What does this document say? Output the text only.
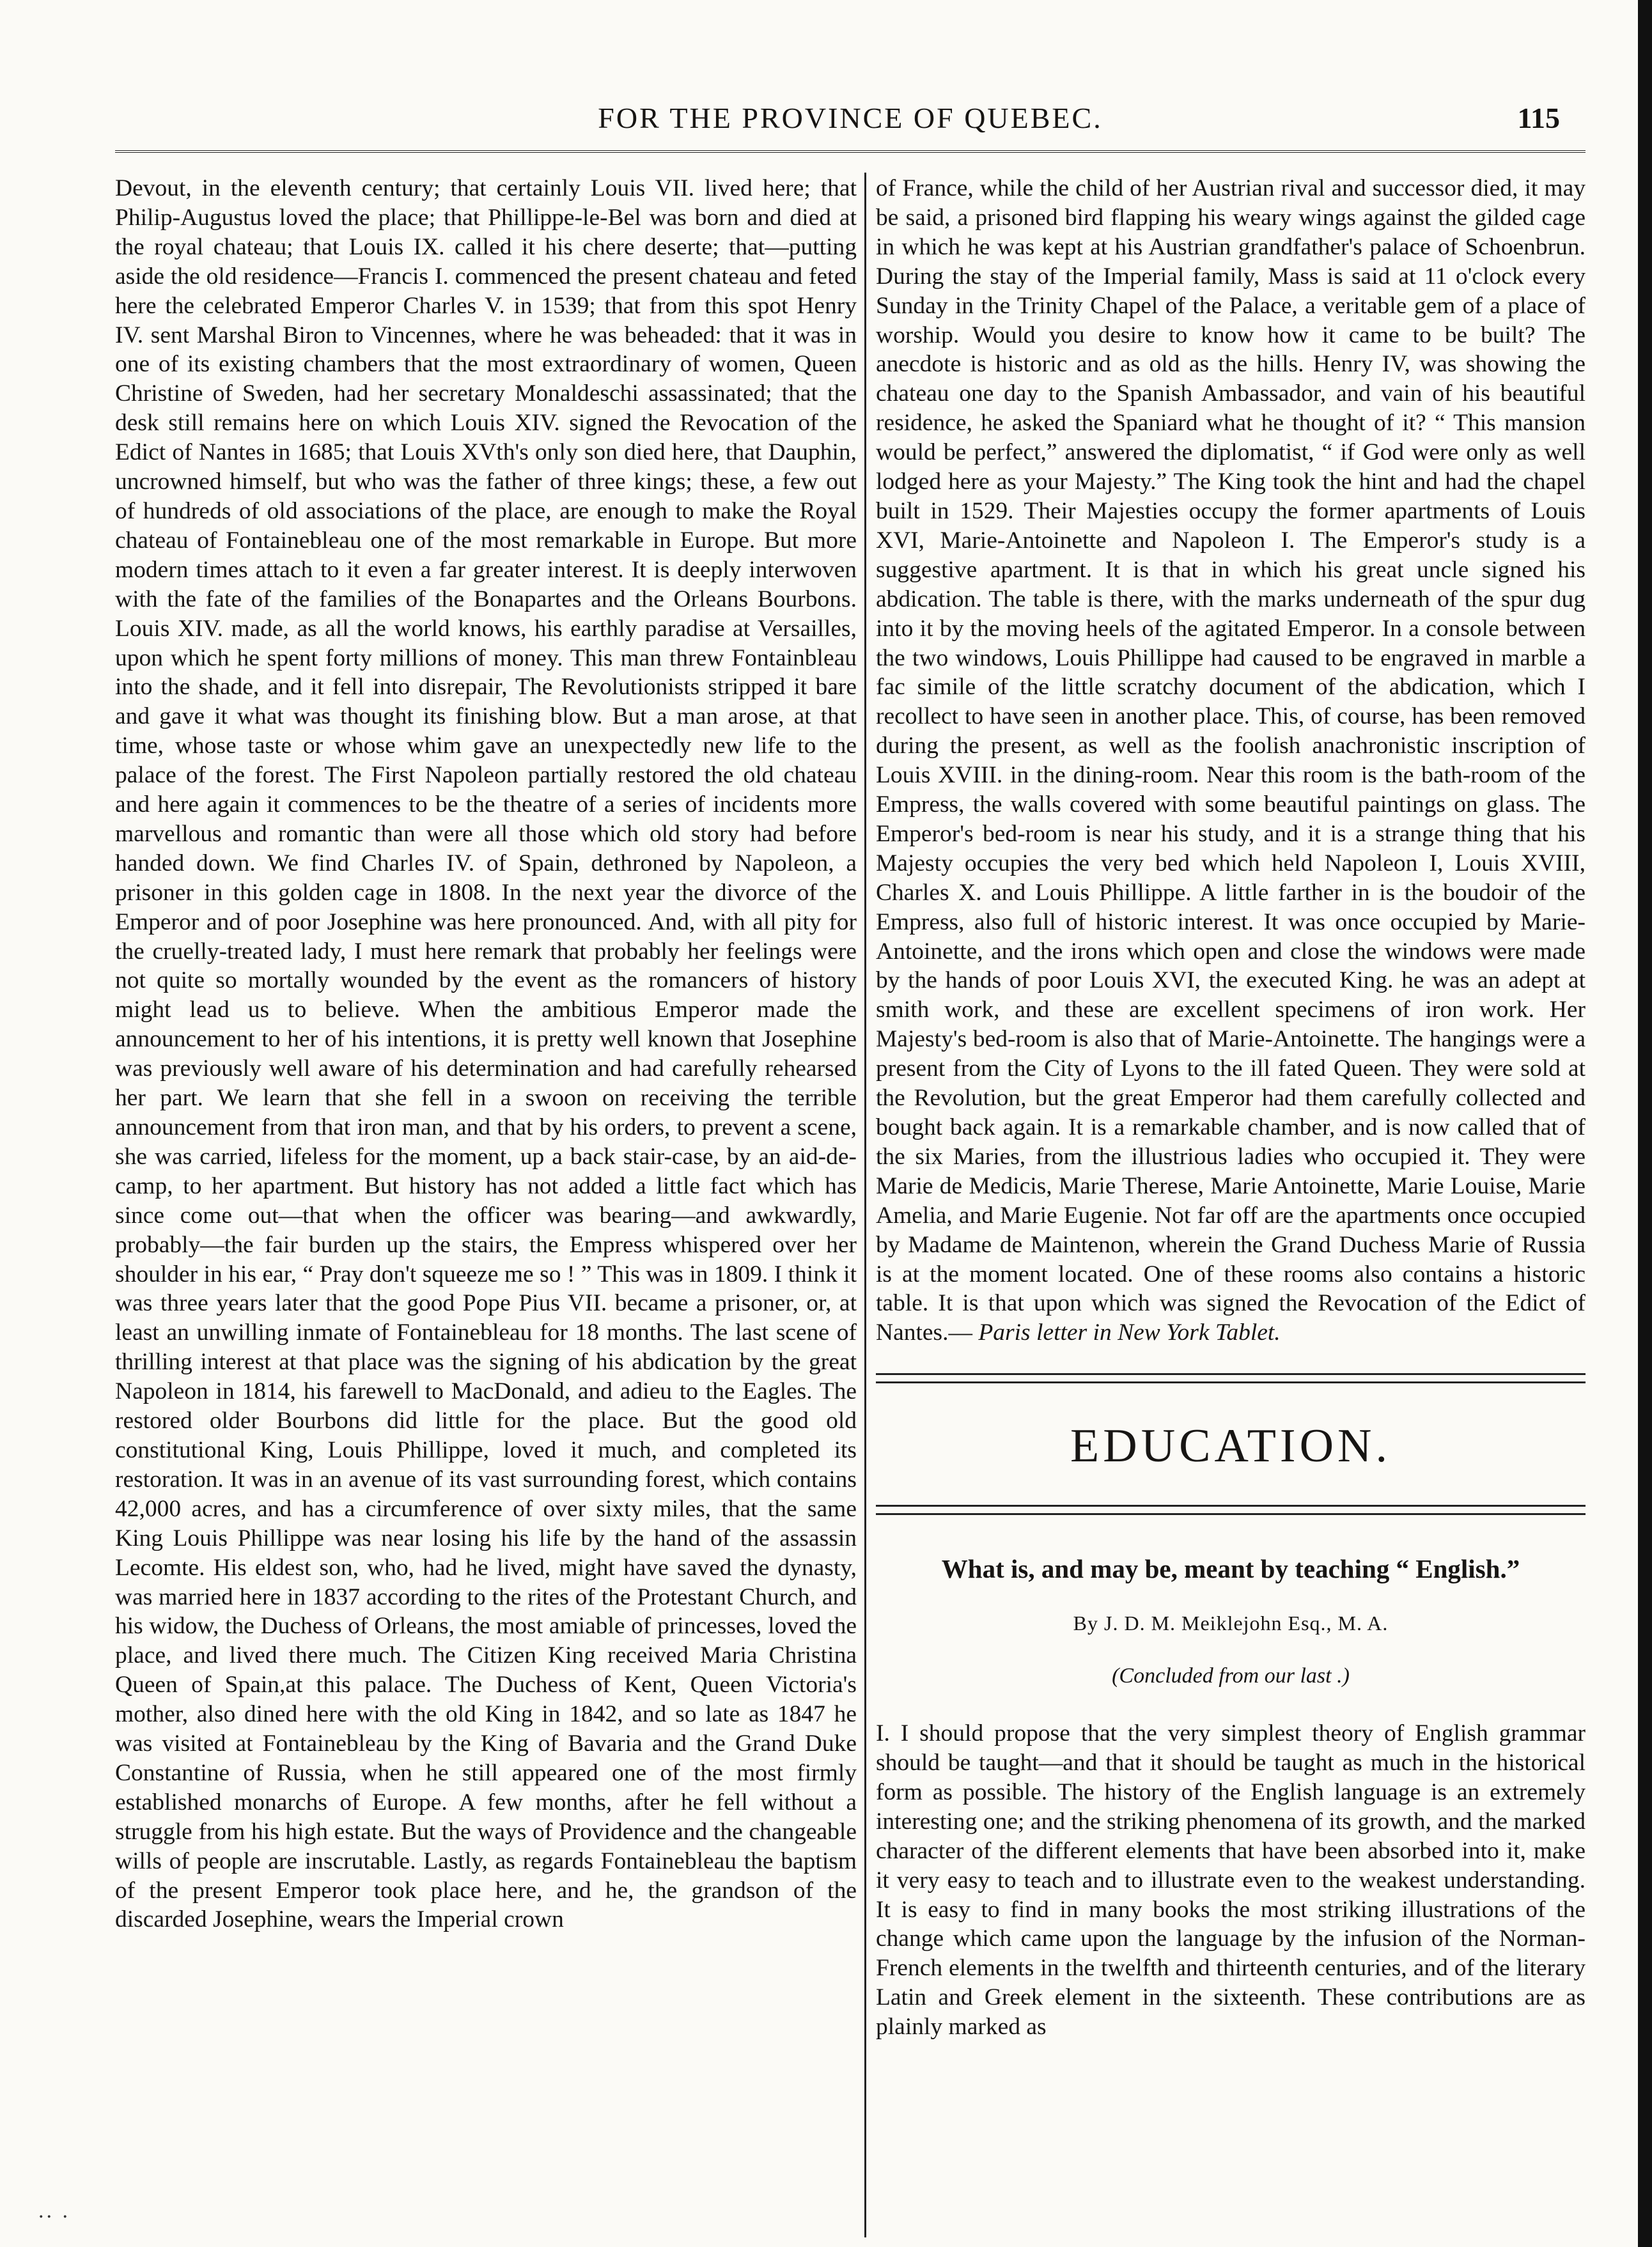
FOR THE PROVINCE OF QUEBEC.	115

Devout, in the eleventh century; that certainly Louis VII. lived here; that Philip-Augustus loved the place; that Phillippe-le-Bel was born and died at the royal chateau; that Louis IX. called it his chere deserte; that—putting aside the old residence—Francis I. commenced the present chateau and feted here the celebrated Emperor Charles V. in 1539; that from this spot Henry IV. sent Marshal Biron to Vincennes, where he was beheaded: that it was in one of its existing chambers that the most extraordinary of women, Queen Christine of Sweden, had her secretary Monaldeschi assassinated; that the desk still remains here on which Louis XIV. signed the Revocation of the Edict of Nantes in 1685; that Louis XVth's only son died here, that Dauphin, uncrowned himself, but who was the father of three kings; these, a few out of hundreds of old associations of the place, are enough to make the Royal chateau of Fontainebleau one of the most remarkable in Europe. But more modern times attach to it even a far greater interest. It is deeply interwoven with the fate of the families of the Bonapartes and the Orleans Bourbons. Louis XIV. made, as all the world knows, his earthly paradise at Versailles, upon which he spent forty millions of money. This man threw Fontainbleau into the shade, and it fell into disrepair, The Revolutionists stripped it bare and gave it what was thought its finishing blow. But a man arose, at that time, whose taste or whose whim gave an unexpectedly new life to the palace of the forest. The First Napoleon partially restored the old chateau and here again it commences to be the theatre of a series of incidents more marvellous and romantic than were all those which old story had before handed down. We find Charles IV. of Spain, dethroned by Napoleon, a prisoner in this golden cage in 1808. In the next year the divorce of the Emperor and of poor Josephine was here pronounced. And, with all pity for the cruelly-treated lady, I must here remark that probably her feelings were not quite so mortally wounded by the event as the romancers of history might lead us to believe. When the ambitious Emperor made the announcement to her of his intentions, it is pretty well known that Josephine was previously well aware of his determination and had carefully rehearsed her part. We learn that she fell in a swoon on receiving the terrible announcement from that iron man, and that by his orders, to prevent a scene, she was carried, lifeless for the moment, up a back stair-case, by an aid-de-camp, to her apartment. But history has not added a little fact which has since come out—that when the officer was bearing—and awkwardly, probably—the fair burden up the stairs, the Empress whispered over her shoulder in his ear, “ Pray don't squeeze me so ! ” This was in 1809. I think it was three years later that the good Pope Pius VII. became a prisoner, or, at least an unwilling inmate of Fontainebleau for 18 months. The last scene of thrilling interest at that place was the signing of his abdication by the great Napoleon in 1814, his farewell to MacDonald, and adieu to the Eagles. The restored older Bourbons did little for the place. But the good old constitutional King, Louis Phillippe, loved it much, and completed its restoration. It was in an avenue of its vast surrounding forest, which contains 42,000 acres, and has a circumference of over sixty miles, that the same King Louis Phillippe was near losing his life by the hand of the assassin Lecomte. His eldest son, who, had he lived, might have saved the dynasty, was married here in 1837 according to the rites of the Protestant Church, and his widow, the Duchess of Orleans, the most amiable of princesses, loved the place, and lived there much. The Citizen King received Maria Christina Queen of Spain,at this palace. The Duchess of Kent, Queen Victoria's mother, also dined here with the old King in 1842, and so late as 1847 he was visited at Fontainebleau by the King of Bavaria and the Grand Duke Constantine of Russia, when he still appeared one of the most firmly established monarchs of Europe. A few months, after he fell without a struggle from his high estate. But the ways of Providence and the changeable wills of people are inscrutable. Lastly, as regards Fontainebleau the baptism of the present Emperor took place here, and he, the grandson of the discarded Josephine, wears the Imperial crown

of France, while the child of her Austrian rival and successor died, it may be said, a prisoned bird flapping his weary wings against the gilded cage in which he was kept at his Austrian grandfather's palace of Schoenbrun. During the stay of the Imperial family, Mass is said at 11 o'clock every Sunday in the Trinity Chapel of the Palace, a veritable gem of a place of worship. Would you desire to know how it came to be built? The anecdote is historic and as old as the hills. Henry IV, was showing the chateau one day to the Spanish Ambassador, and vain of his beautiful residence, he asked the Spaniard what he thought of it? “ This mansion would be perfect,” answered the diplomatist, “ if God were only as well lodged here as your Majesty.” The King took the hint and had the chapel built in 1529. Their Majesties occupy the former apartments of Louis XVI, Marie-Antoinette and Napoleon I. The Emperor's study is a suggestive apartment. It is that in which his great uncle signed his abdication. The table is there, with the marks underneath of the spur dug into it by the moving heels of the agitated Emperor. In a console between the two windows, Louis Phillippe had caused to be engraved in marble a fac simile of the little scratchy document of the abdication, which I recollect to have seen in another place. This, of course, has been removed during the present, as well as the foolish anachronistic inscription of Louis XVIII. in the dining-room. Near this room is the bath-room of the Empress, the walls covered with some beautiful paintings on glass. The Emperor's bed-room is near his study, and it is a strange thing that his Majesty occupies the very bed which held Napoleon I, Louis XVIII, Charles X. and Louis Phillippe. A little farther in is the boudoir of the Empress, also full of historic interest. It was once occupied by Marie-Antoinette, and the irons which open and close the windows were made by the hands of poor Louis XVI, the executed King. he was an adept at smith work, and these are excellent specimens of iron work. Her Majesty's bed-room is also that of Marie-Antoinette. The hangings were a present from the City of Lyons to the ill fated Queen. They were sold at the Revolution, but the great Emperor had them carefully collected and bought back again. It is a remarkable chamber, and is now called that of the six Maries, from the illustrious ladies who occupied it. They were Marie de Medicis, Marie Therese, Marie Antoinette, Marie Louise, Marie Amelia, and Marie Eugenie. Not far off are the apartments once occupied by Madame de Maintenon, wherein the Grand Duchess Marie of Russia is at the moment located. One of these rooms also contains a historic table. It is that upon which was signed the Revocation of the Edict of Nantes.— Paris letter in New York Tablet.

EDUCATION.
What is, and may be, meant by teaching “ English.”
By J. D. M. Meiklejohn Esq., M. A.
(Concluded from our last .)

I. I should propose that the very simplest theory of English grammar should be taught—and that it should be taught as much in the historical form as possible. The history of the English language is an extremely interesting one; and the striking phenomena of its growth, and the marked character of the different elements that have been absorbed into it, make it very easy to teach and to illustrate even to the weakest understanding. It is easy to find in many books the most striking illustrations of the change which came upon the language by the infusion of the Norman-French elements in the twelfth and thirteenth centuries, and of the literary Latin and Greek element in the sixteenth. These contributions are as plainly marked as

.. .
